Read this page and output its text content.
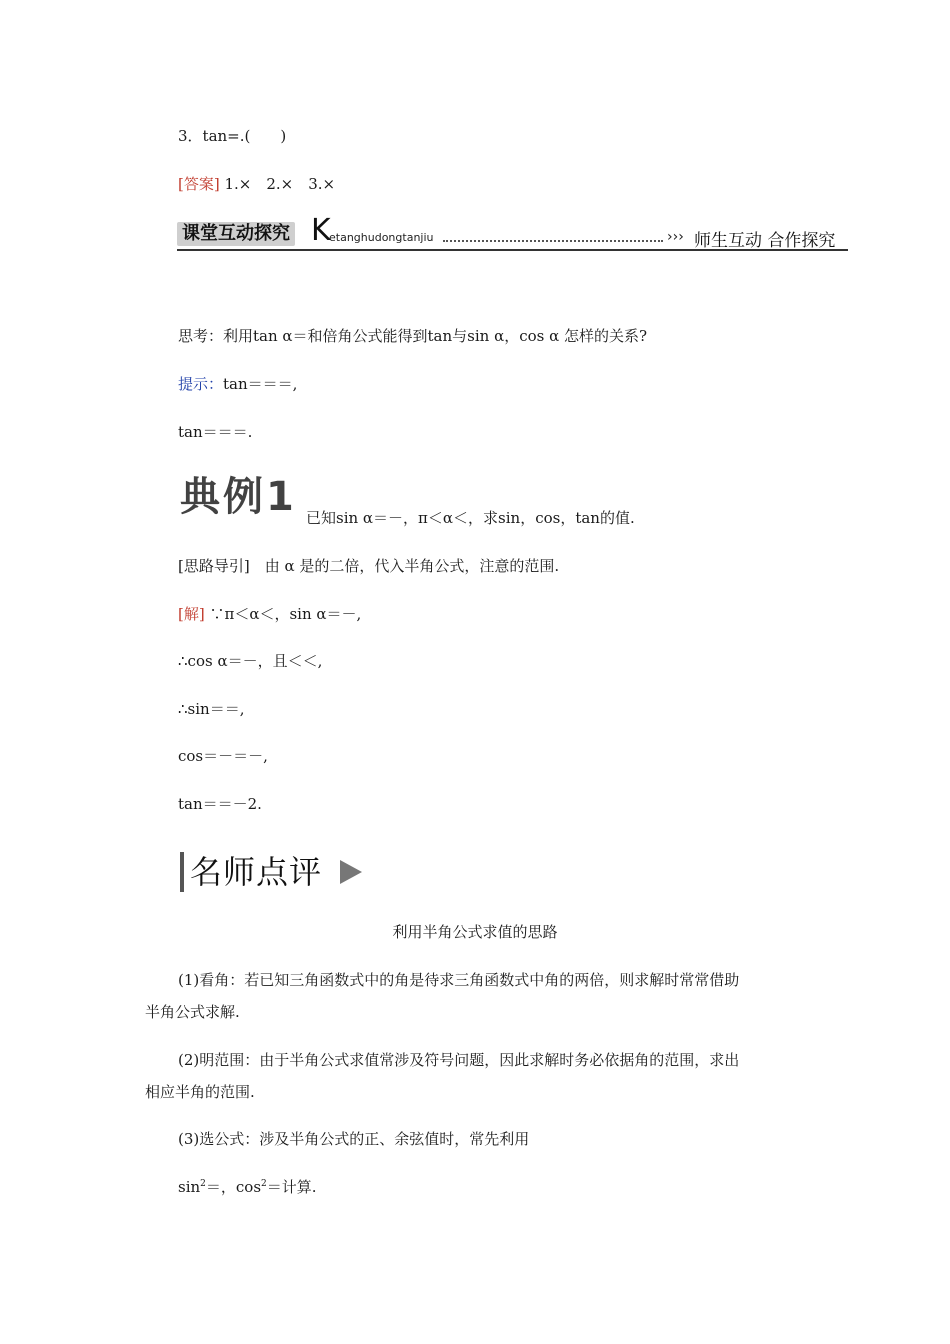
3．tan=.(　　)
[答案] 1.×　2.×　3.×
课堂互动探究 K
etanghudongtanjiu	››› 师生互动 合作探究
思考：利用tan α＝和倍角公式能得到tan与sin α，cos α 怎样的关系?
提示：tan＝＝＝,
tan＝＝＝.
典例1 已知sin α＝－，π＜α＜，求sin，cos，tan的值.
[思路导引]　由 α 是的二倍，代入半角公式，注意的范围.
[解] ∵π＜α＜，sin α＝－,
∴cos α＝－，且＜＜,
∴sin＝＝,
cos＝－＝－,
tan＝＝－2.
名师点评
利用半角公式求值的思路
(1)看角：若已知三角函数式中的角是待求三角函数式中角的两倍，则求解时常常借助
半角公式求解.
(2)明范围：由于半角公式求值常涉及符号问题，因此求解时务必依据角的范围，求出
相应半角的范围.
(3)选公式：涉及半角公式的正、余弦值时，常先利用
$\sin^2=$，$\cos^2=$计算.
